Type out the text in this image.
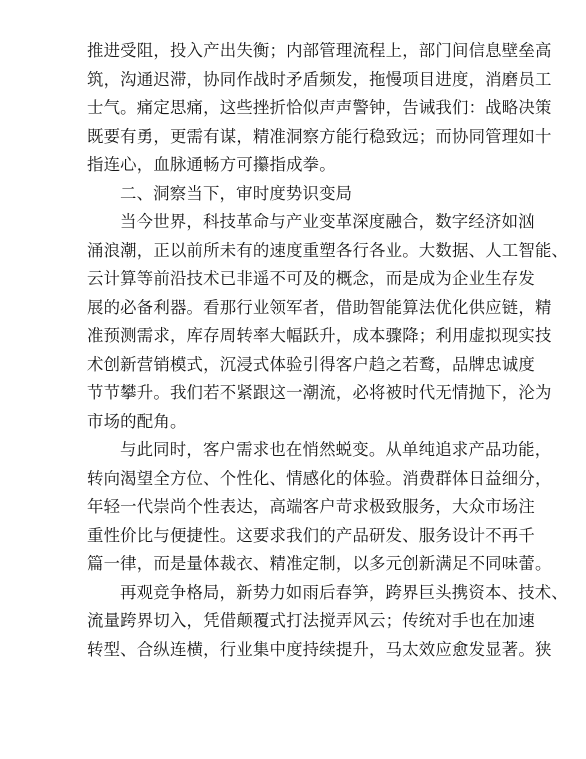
推进受阻，投入产出失衡；内部管理流程上，部门间信息壁垒高
筑，沟通迟滞，协同作战时矛盾频发，拖慢项目进度，消磨员工
士气。痛定思痛，这些挫折恰似声声警钟，告诫我们：战略决策
既要有勇，更需有谋，精准洞察方能行稳致远；而协同管理如十
指连心，血脉通畅方可攥指成拳。
二、洞察当下，审时度势识变局
当今世界，科技革命与产业变革深度融合，数字经济如汹
涌浪潮，正以前所未有的速度重塑各行各业。大数据、人工智能、
云计算等前沿技术已非遥不可及的概念，而是成为企业生存发
展的必备利器。看那行业领军者，借助智能算法优化供应链，精
准预测需求，库存周转率大幅跃升，成本骤降；利用虚拟现实技
术创新营销模式，沉浸式体验引得客户趋之若鹜，品牌忠诚度
节节攀升。我们若不紧跟这一潮流，必将被时代无情抛下，沦为
市场的配角。
与此同时，客户需求也在悄然蜕变。从单纯追求产品功能，
转向渴望全方位、个性化、情感化的体验。消费群体日益细分，
年轻一代崇尚个性表达，高端客户苛求极致服务，大众市场注
重性价比与便捷性。这要求我们的产品研发、服务设计不再千
篇一律，而是量体裁衣、精准定制，以多元创新满足不同味蕾。
再观竞争格局，新势力如雨后春笋，跨界巨头携资本、技术、
流量跨界切入，凭借颠覆式打法搅弄风云；传统对手也在加速
转型、合纵连横，行业集中度持续提升，马太效应愈发显著。狭
